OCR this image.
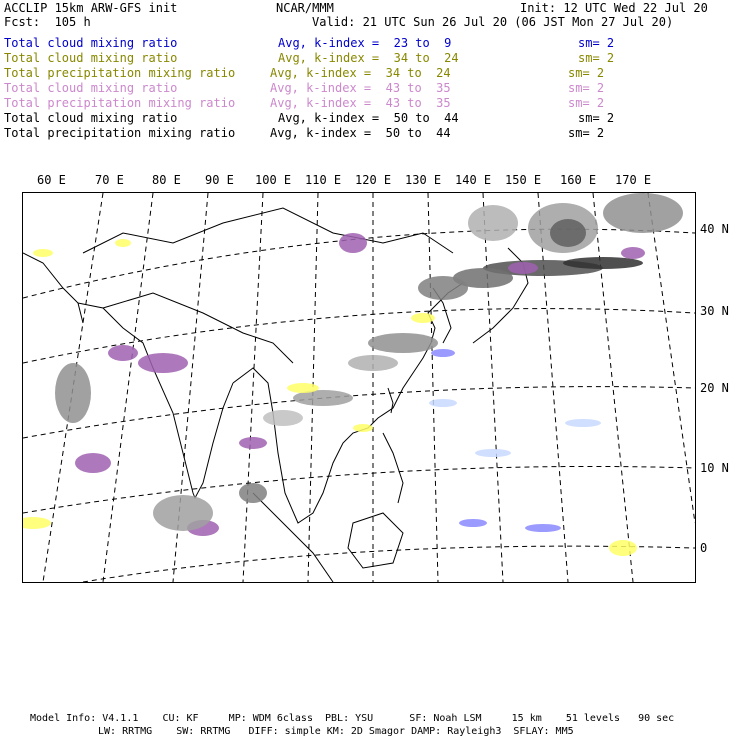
ACCLIP 15km ARW-GFS init	NCAR/MMM	Init: 12 UTC Wed 22 Jul 20
Fcst:  105 h	Valid: 21 UTC Sun 26 Jul 20 (06 JST Mon 27 Jul 20)
Total cloud mixing ratio	Avg, k-index =  23 to  9	sm= 2
Total cloud mixing ratio	Avg, k-index =  34 to  24	sm= 2
Total precipitation mixing ratio	Avg, k-index =  34 to  24	sm= 2
Total cloud mixing ratio	Avg, k-index =  43 to  35	sm= 2
Total precipitation mixing ratio	Avg, k-index =  43 to  35	sm= 2
Total cloud mixing ratio	Avg, k-index =  50 to  44	sm= 2
Total precipitation mixing ratio	Avg, k-index =  50 to  44	sm= 2
60 E 70 E 80 E 90 E 100 E 110 E 120 E 130 E 140 E 150 E 160 E 170 E
40 N
30 N
20 N
10 N
0
Model Info: V4.1.1    CU: KF     MP: WDM 6class  PBL: YSU      SF: Noah LSM     15 km    51 levels   90 sec
LW: RRTMG    SW: RRTMG   DIFF: simple KM: 2D Smagor DAMP: Rayleigh3  SFLAY: MM5
